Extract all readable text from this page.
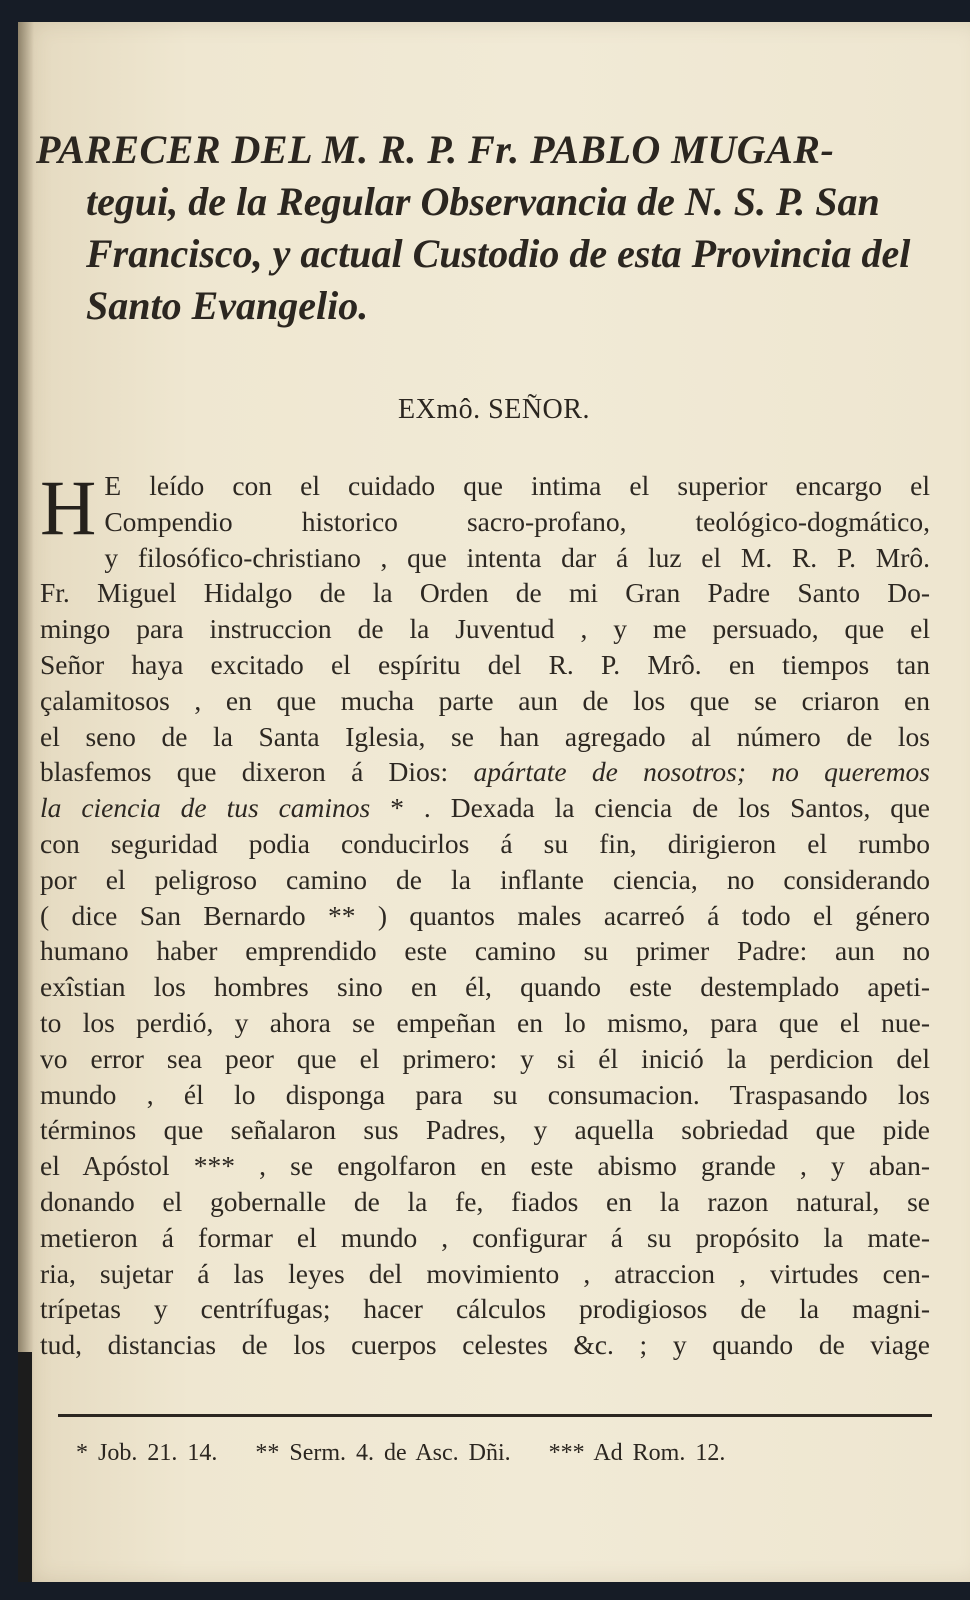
PARECER DEL M. R. P. Fr. PABLO MUGAR-
tegui, de la Regular Observancia de N. S. P. San
Francisco, y actual Custodio de esta Provincia del
Santo Evangelio.

EXmô. SEÑOR.

H E leído con el cuidado que intima el superior encargo el
Compendio historico sacro-profano, teológico-dogmático,
y filosófico-christiano , que intenta dar á luz el M. R. P. Mrô.
Fr. Miguel Hidalgo de la Orden de mi Gran Padre Santo Do-
mingo para instruccion de la Juventud , y me persuado, que el
Señor haya excitado el espíritu del R. P. Mrô. en tiempos tan
çalamitosos , en que mucha parte aun de los que se criaron en
el seno de la Santa Iglesia, se han agregado al número de los
blasfemos que dixeron á Dios: apártate de nosotros; no queremos
la ciencia de tus caminos * . Dexada la ciencia de los Santos, que
con seguridad podia conducirlos á su fin, dirigieron el rumbo
por el peligroso camino de la inflante ciencia, no considerando
( dice San Bernardo ** ) quantos males acarreó á todo el género
humano haber emprendido este camino su primer Padre: aun no
exîstian los hombres sino en él, quando este destemplado apeti-
to los perdió, y ahora se empeñan en lo mismo, para que el nue-
vo error sea peor que el primero: y si él inició la perdicion del
mundo , él lo disponga para su consumacion. Traspasando los
términos que señalaron sus Padres, y aquella sobriedad que pide
el Apóstol *** , se engolfaron en este abismo grande , y aban-
donando el gobernalle de la fe, fiados en la razon natural, se
metieron á formar el mundo , configurar á su propósito la mate-
ria, sujetar á las leyes del movimiento , atraccion , virtudes cen-
trípetas y centrífugas; hacer cálculos prodigiosos de la magni-
tud, distancias de los cuerpos celestes &c. ; y quando de viage
* Job. 21. 14. ** Serm. 4. de Asc. Dñi. *** Ad Rom. 12.
